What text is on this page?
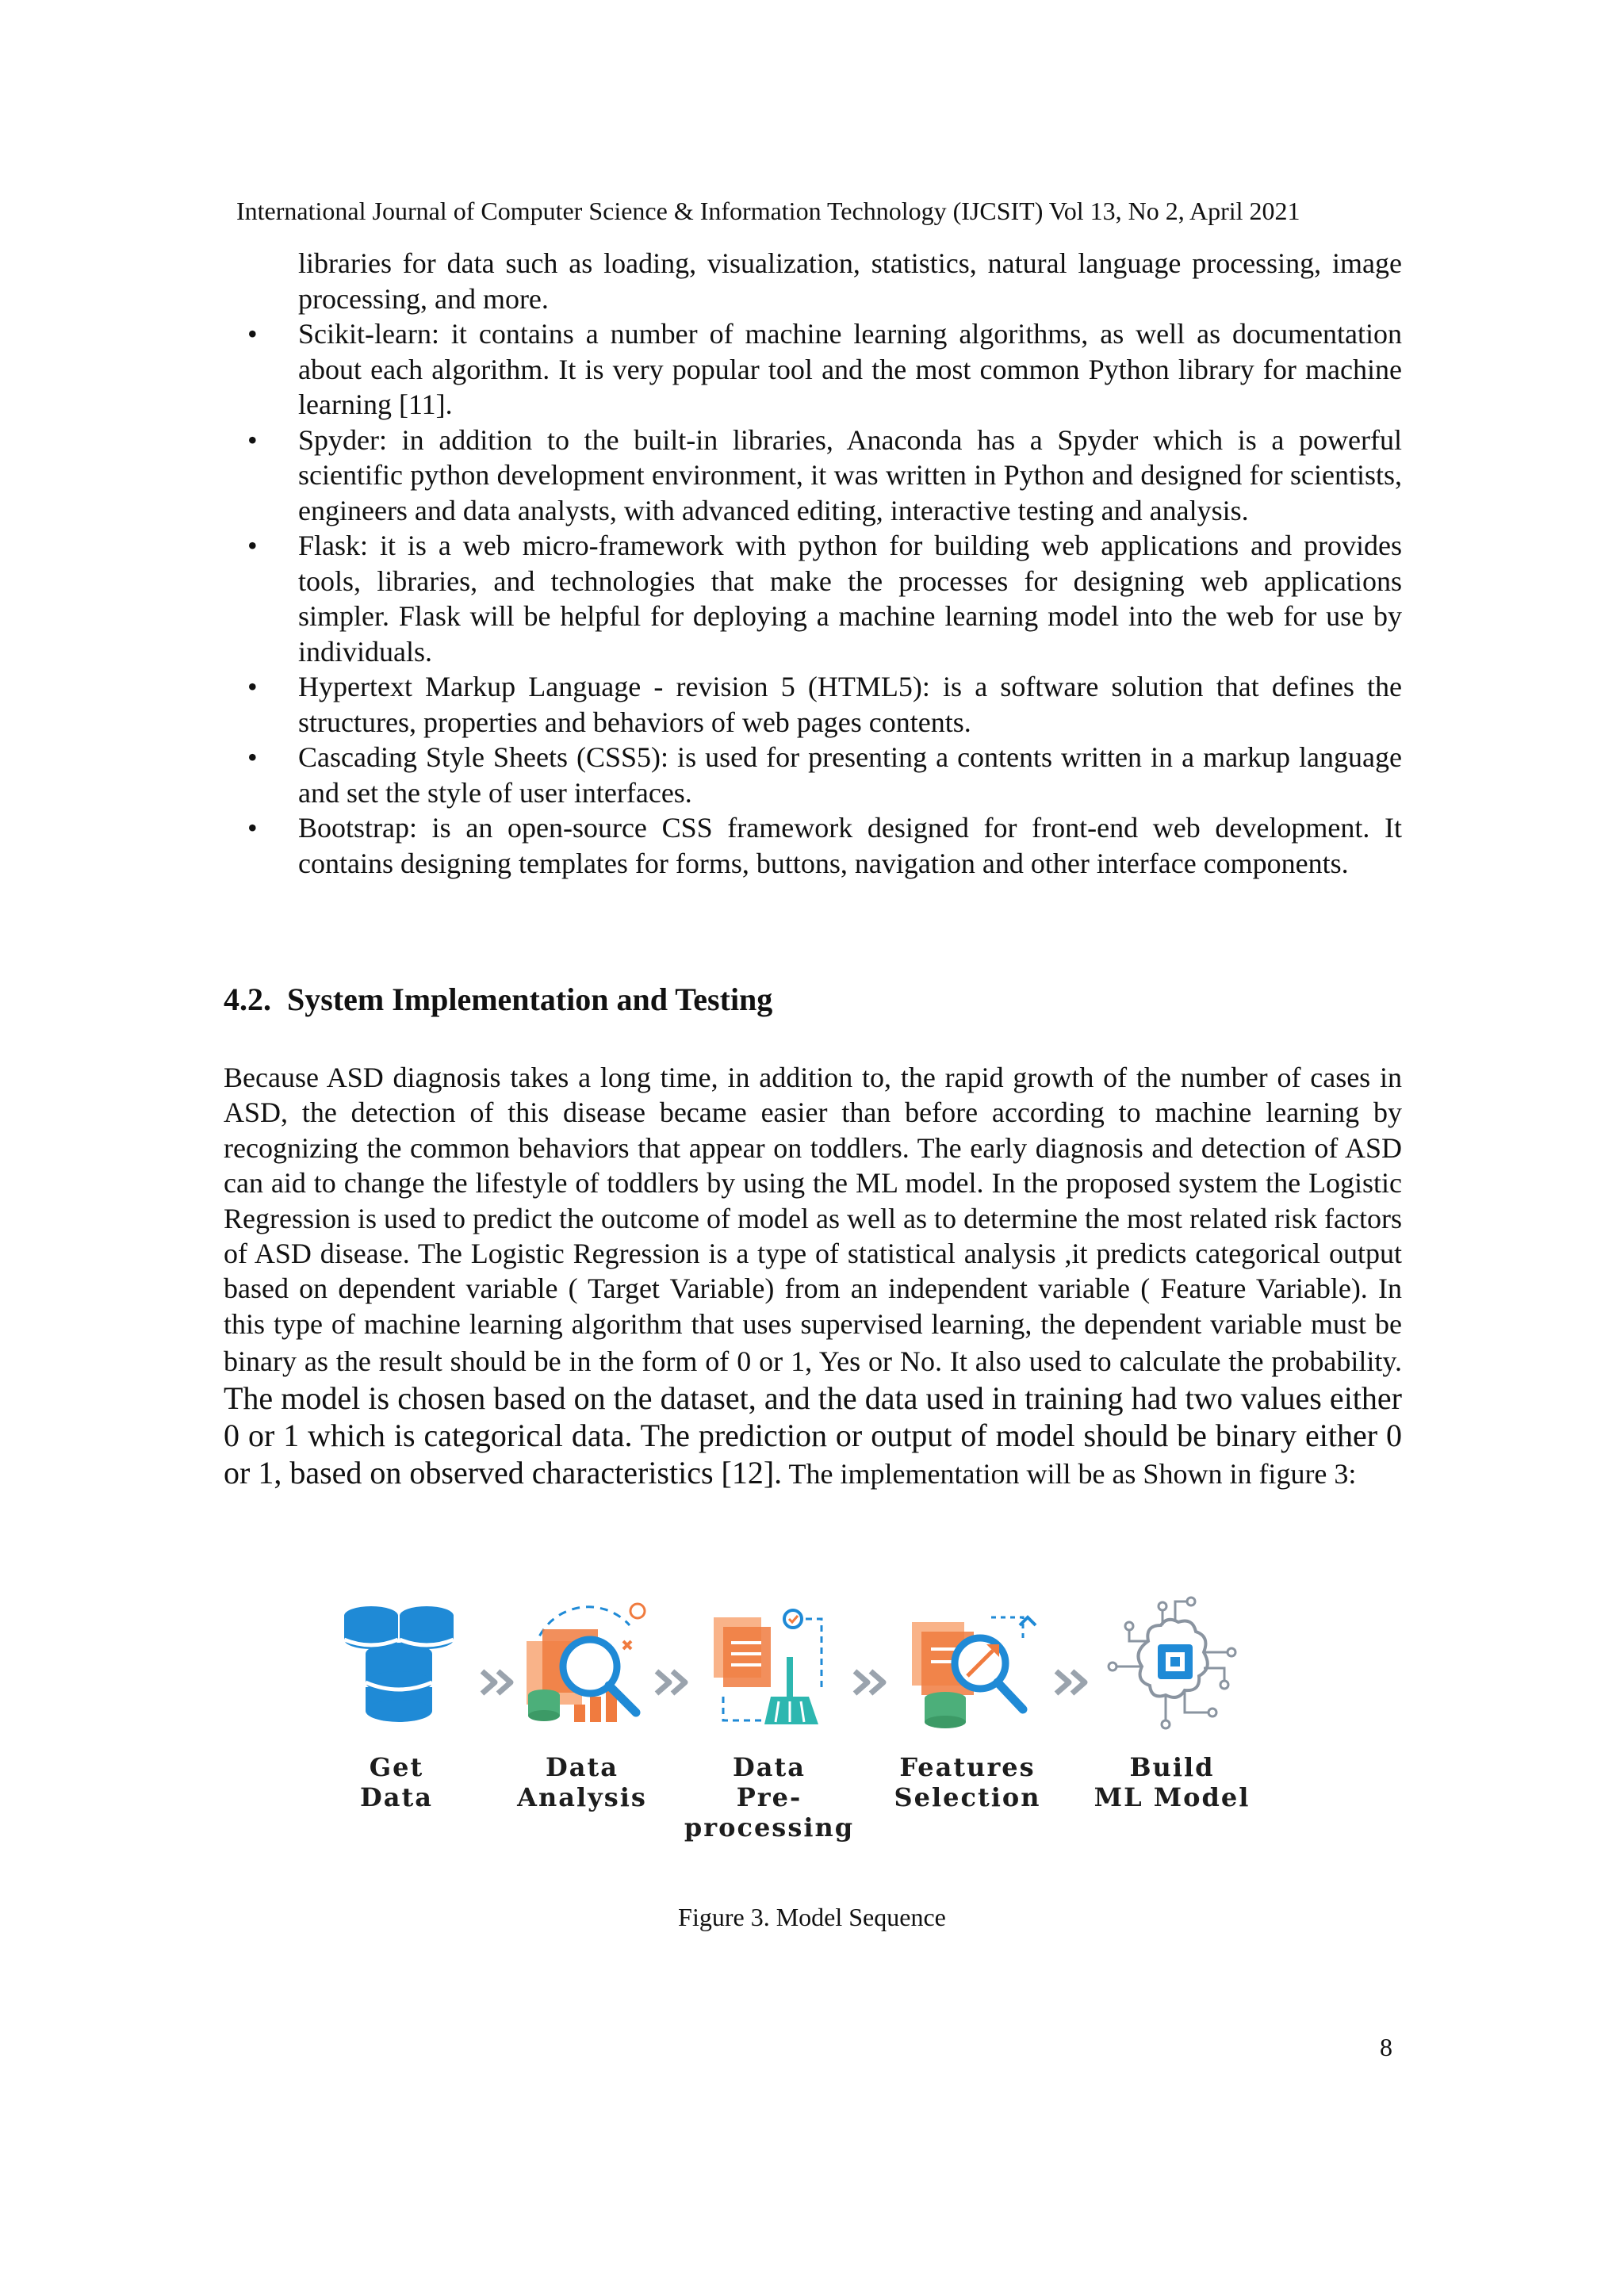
International Journal of Computer Science & Information Technology (IJCSIT) Vol 13, No 2, April 2021
libraries for data such as loading, visualization, statistics, natural language processing, image processing, and more.
• Scikit-learn: it contains a number of machine learning algorithms, as well as documentation about each algorithm. It is very popular tool and the most common Python library for machine learning [11].
• Spyder: in addition to the built-in libraries, Anaconda has a Spyder which is a powerful scientific python development environment, it was written in Python and designed for scientists, engineers and data analysts, with advanced editing, interactive testing and analysis.
• Flask: it is a web micro-framework with python for building web applications and provides tools, libraries, and technologies that make the processes for designing web applications simpler. Flask will be helpful for deploying a machine learning model into the web for use by individuals.
• Hypertext Markup Language - revision 5 (HTML5): is a software solution that defines the structures, properties and behaviors of web pages contents.
• Cascading Style Sheets (CSS5): is used for presenting a contents written in a markup language and set the style of user interfaces.
• Bootstrap: is an open-source CSS framework designed for front-end web development. It contains designing templates for forms, buttons, navigation and other interface components.
4.2. System Implementation and Testing
Because ASD diagnosis takes a long time, in addition to, the rapid growth of the number of cases in ASD, the detection of this disease became easier than before according to machine learning by recognizing the common behaviors that appear on toddlers. The early diagnosis and detection of ASD can aid to change the lifestyle of toddlers by using the ML model. In the proposed system the Logistic Regression is used to predict the outcome of model as well as to determine the most related risk factors of ASD disease. The Logistic Regression is a type of statistical analysis ,it predicts categorical output based on dependent variable ( Target Variable) from an independent variable ( Feature Variable). In this type of machine learning algorithm that uses supervised learning, the dependent variable must be binary as the result should be in the form of 0 or 1, Yes or No. It also used to calculate the probability. The model is chosen based on the dataset, and the data used in training had two values either 0 or 1 which is categorical data. The prediction or output of model should be binary either 0 or 1, based on observed characteristics [12]. The implementation will be as Shown in figure 3:
Get
Data
Data
Analysis
Data
Pre-processing
Features
Selection
Build
ML Model
Figure 3. Model Sequence
8
